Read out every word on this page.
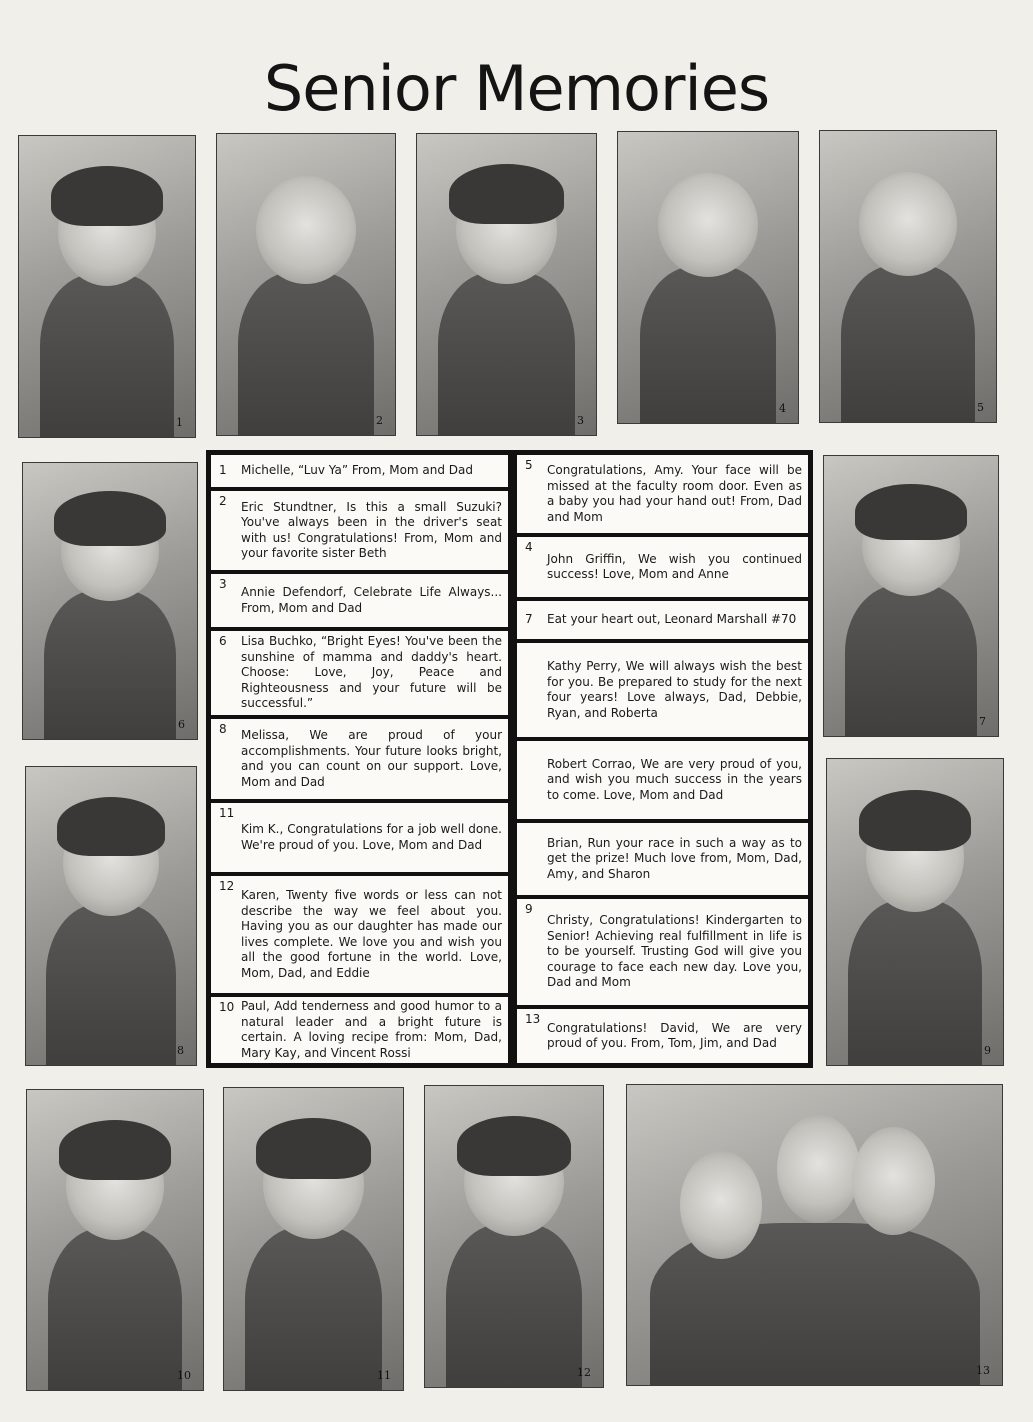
Senior Memories
1	2	3
4	5
6
8
7
9
10	11	12	13
1	Michelle, “Luv Ya” From, Mom and Dad
2	Eric Stundtner, Is this a small Suzuki? You've always been in the driver's seat with us! Congratulations! From, Mom and your favorite sister Beth
3
Annie Defendorf, Celebrate Life Always... From, Mom and Dad
6	Lisa Buchko, “Bright Eyes! You've been the sunshine of mamma and daddy's heart. Choose: Love, Joy, Peace and Righteousness and your future will be successful.”
8	Melissa, We are proud of your accomplishments. Your future looks bright, and you can count on our support. Love, Mom and Dad
11
Kim K., Congratulations for a job well done. We're proud of you. Love, Mom and Dad
12
Karen, Twenty five words or less can not describe the way we feel about you. Having you as our daughter has made our lives complete. We love you and wish you all the good fortune in the world. Love, Mom, Dad, and Eddie
10 Paul, Add tenderness and good humor to a natural leader and a bright future is certain. A loving recipe from: Mom, Dad, Mary Kay, and Vincent Rossi
5	Congratulations, Amy. Your face will be missed at the faculty room door. Even as a baby you had your hand out! From, Dad and Mom
4
John Griffin, We wish you continued success! Love, Mom and Anne
7	Eat your heart out, Leonard Marshall #70
Kathy Perry, We will always wish the best for you. Be prepared to study for the next four years! Love always, Dad, Debbie, Ryan, and Roberta
Robert Corrao, We are very proud of you, and wish you much success in the years to come. Love, Mom and Dad
Brian, Run your race in such a way as to get the prize! Much love from, Mom, Dad, Amy, and Sharon
9
Christy, Congratulations! Kindergarten to Senior! Achieving real fulfillment in life is to be yourself. Trusting God will give you courage to face each new day. Love you, Dad and Mom
13
Congratulations! David, We are very proud of you. From, Tom, Jim, and Dad
